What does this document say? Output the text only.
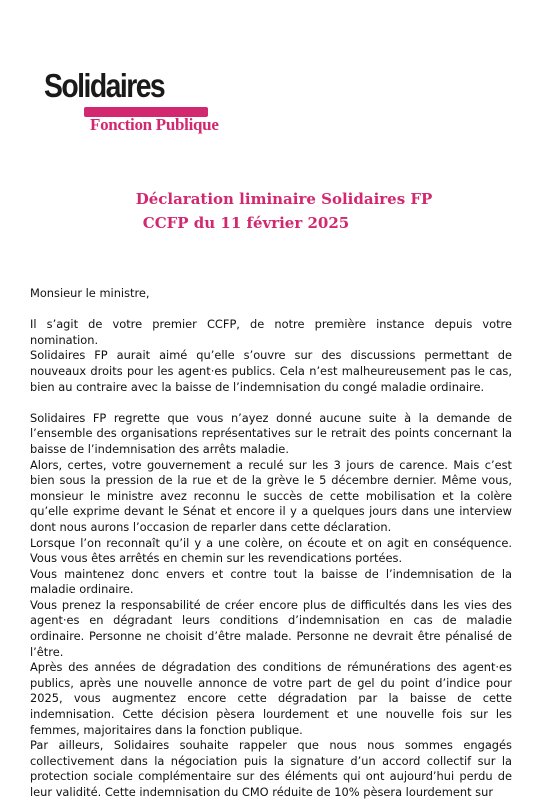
Solidaires
Fonction Publique
Déclaration liminaire Solidaires FP
CCFP du 11 février 2025

Monsieur le ministre,

Il s’agit de votre premier CCFP, de notre première instance depuis votre nomination.

Solidaires FP aurait aimé qu’elle s’ouvre sur des discussions permettant de nouveaux droits pour les agent·es publics. Cela n’est malheureusement pas le cas, bien au contraire avec la baisse de l’indemnisation du congé maladie ordinaire.

Solidaires FP regrette que vous n’ayez donné aucune suite à la demande de l’ensemble des organisations représentatives sur le retrait des points concernant la baisse de l’indemnisation des arrêts maladie.

Alors, certes, votre gouvernement a reculé sur les 3 jours de carence. Mais c’est bien sous la pression de la rue et de la grève le 5 décembre dernier. Même vous, monsieur le ministre avez reconnu le succès de cette mobilisation et la colère qu’elle exprime devant le Sénat et encore il y a quelques jours dans une interview dont nous aurons l’occasion de reparler dans cette déclaration.

Lorsque l’on reconnaît qu’il y a une colère, on écoute et on agit en conséquence. Vous vous êtes arrêtés en chemin sur les revendications portées.

Vous maintenez donc envers et contre tout la baisse de l’indemnisation de la maladie ordinaire.

Vous prenez la responsabilité de créer encore plus de difficultés dans les vies des agent·es en dégradant leurs conditions d’indemnisation en cas de maladie ordinaire. Personne ne choisit d’être malade. Personne ne devrait être pénalisé de l’être.

Après des années de dégradation des conditions de rémunérations des agent·es publics, après une nouvelle annonce de votre part de gel du point d’indice pour 2025, vous augmentez encore cette dégradation par la baisse de cette indemnisation. Cette décision pèsera lourdement et une nouvelle fois sur les femmes, majoritaires dans la fonction publique.

Par ailleurs, Solidaires souhaite rappeler que nous nous sommes engagés collectivement dans la négociation puis la signature d’un accord collectif sur la protection sociale complémentaire sur des éléments qui ont aujourd’hui perdu de leur validité. Cette indemnisation du CMO réduite de 10% pèsera lourdement sur
